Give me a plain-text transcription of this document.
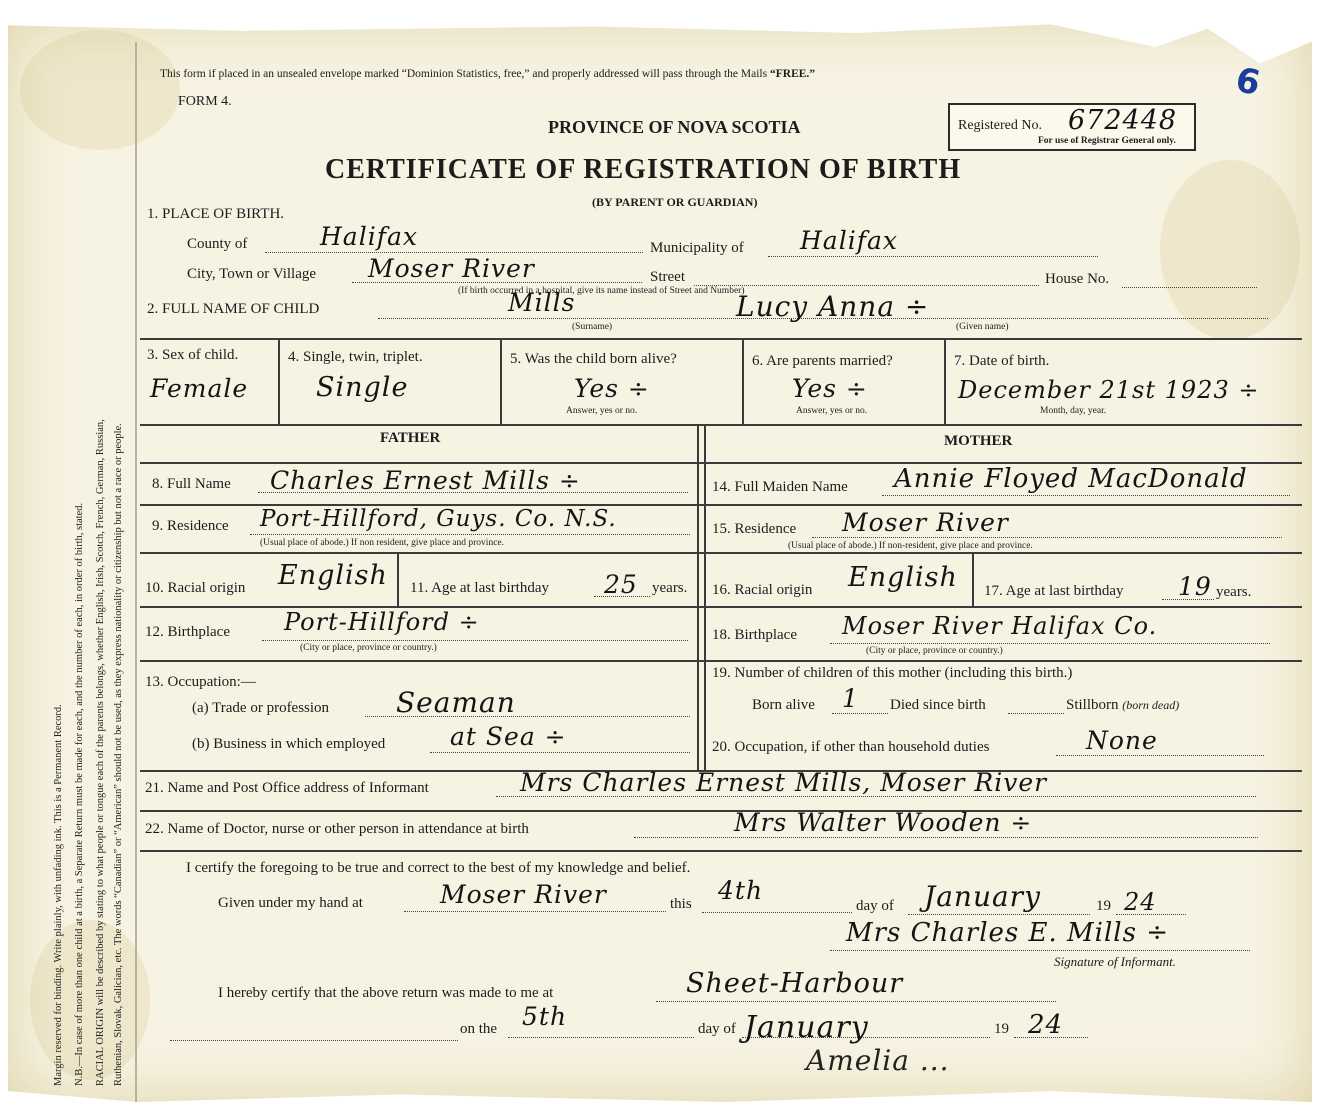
Margin reserved for binding. Write plainly, with unfading ink. This is a Permanent Record. N.B.—In case of more than one child at a birth, a Separate Return must be made for each, and the number of each, in order of birth, stated. RACIAL ORIGIN will be described by stating to what people or tongue each of the parents belongs, whether English, Irish, Scotch, French, German, Russian, Ruthenian, Slovak, Galician, etc. The words “Canadian” or “American” should not be used, as they express nationality or citizenship but not a race or people.
This form if placed in an unsealed envelope marked “Dominion Statistics, free,” and properly addressed will pass through the Mails “FREE.”
FORM 4.
PROVINCE OF NOVA SCOTIA
CERTIFICATE OF REGISTRATION OF BIRTH
(BY PARENT OR GUARDIAN)
Registered No. 672448
For use of Registrar General only.
6
1. PLACE OF BIRTH.
County of	Halifax	Municipality of Halifax
City, Town or Village Moser River	Street	House No.
(If birth occurred in a hospital, give its name instead of Street and Number)
2. FULL NAME OF CHILD	Mills
(Surname)
Lucy Anna ÷
(Given name)
3. Sex of child.
Female
4. Single, twin, triplet.
Single
5. Was the child born alive?
Yes ÷
Answer, yes or no.
6. Are parents married?
Yes ÷
Answer, yes or no.
7. Date of birth.
December 21st 1923 ÷
Month, day, year.
FATHER	MOTHER
8. Full Name Charles Ernest Mills ÷
9. Residence Port-Hillford, Guys. Co. N.S.
(Usual place of abode.) If non resident, give place and province.
10. Racial origin English 11. Age at last birthday 25 years.
12. Birthplace Port-Hillford ÷
(City or place, province or country.)
13. Occupation:—
(a) Trade or profession Seaman
(b) Business in which employed	at Sea ÷
14. Full Maiden Name Annie Floyed MacDonald
15. Residence Moser River
(Usual place of abode.) If non-resident, give place and province.
16. Racial origin English 17. Age at last birthday 19 years.
18. Birthplace Moser River Halifax Co.
(City or place, province or country.)
19. Number of children of this mother (including this birth.)
Born alive 1 Died since birth	Stillborn (born dead)
20. Occupation, if other than household duties	None
21. Name and Post Office address of Informant	Mrs Charles Ernest Mills, Moser River
22. Name of Doctor, nurse or other person in attendance at birth	Mrs Walter Wooden ÷
I certify the foregoing to be true and correct to the best of my knowledge and belief.
Given under my hand at	Moser River	this 4th
day of January	19 24
Mrs Charles E. Mills ÷
Signature of Informant.
I hereby certify that the above return was made to me at	Sheet-Harbour
on the 5th	day of January	19 24
Amelia ...
